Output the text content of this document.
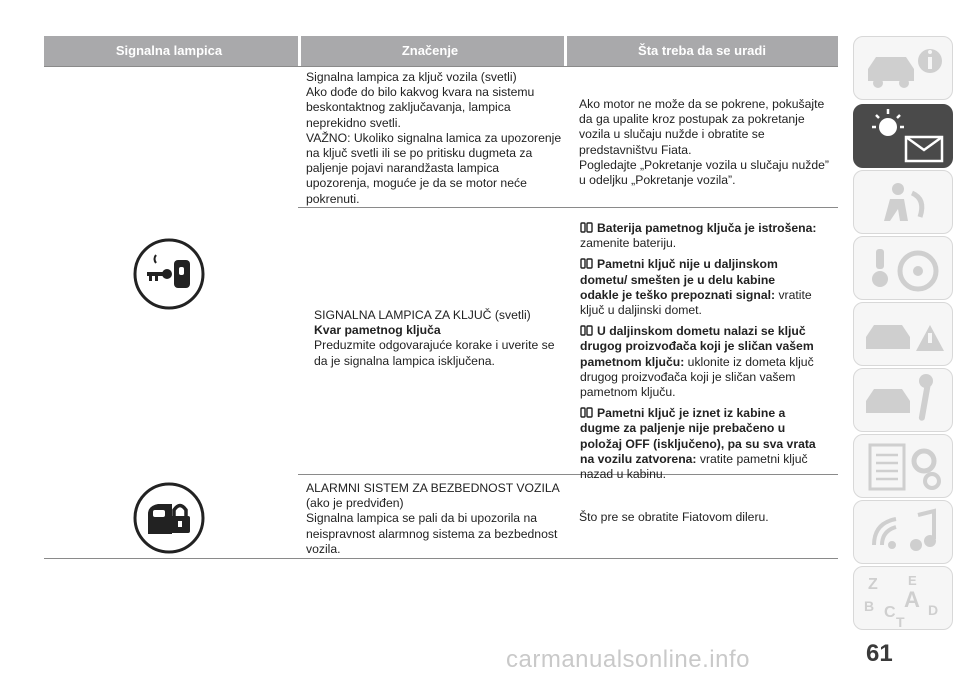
Signalna lampica	Značenje	Šta treba da se uradi

Signalna lampica za ključ vozila (svetli)

Ako dođe do bilo kakvog kvara na sistemu

beskontaktnog zaključavanja, lampica

neprekidno svetli.

VAŽNO: Ukoliko signalna lamica za upozorenje

na ključ svetli ili se po pritisku dugmeta za

paljenje pojavi narandžasta lampica

upozorenja, moguće je da se motor neće

pokrenuti.

Ako motor ne može da se pokrene, pokušajte

da ga upalite kroz postupak za pokretanje

vozila u slučaju nužde i obratite se

predstavništvu Fiata.

Pogledajte „Pokretanje vozila u slučaju nužde”

u odeljku „Pokretanje vozila”.

SIGNALNA LAMPICA ZA KLJUČ (svetli)

Kvar pametnog ključa

Preduzmite odgovarajuće korake i uverite se

da je signalna lampica isključena.

Baterija pametnog ključa je istrošena:

zamenite bateriju.

Pametni ključ nije u daljinskom

dometu/ smešten je u delu kabine

odakle je teško prepoznati signal: vratite

ključ u daljinski domet.

U daljinskom dometu nalazi se ključ

drugog proizvođača koji je sličan vašem

pametnom ključu: uklonite iz dometa ključ

drugog proizvođača koji je sličan vašem

pametnom ključu.

Pametni ključ je iznet iz kabine a

dugme za paljenje nije prebačeno u

položaj OFF (isključeno), pa su sva vrata

na vozilu zatvorena: vratite pametni ključ

nazad u kabinu.

ALARMNI SISTEM ZA BEZBEDNOST VOZILA

(ako je predviđen)

Signalna lampica se pali da bi upozorila na

neispravnost alarmnog sistema za bezbednost

vozila.

Što pre se obratite Fiatovom dileru.

Z E
B C
A D
T
61
carmanualsonline.info
